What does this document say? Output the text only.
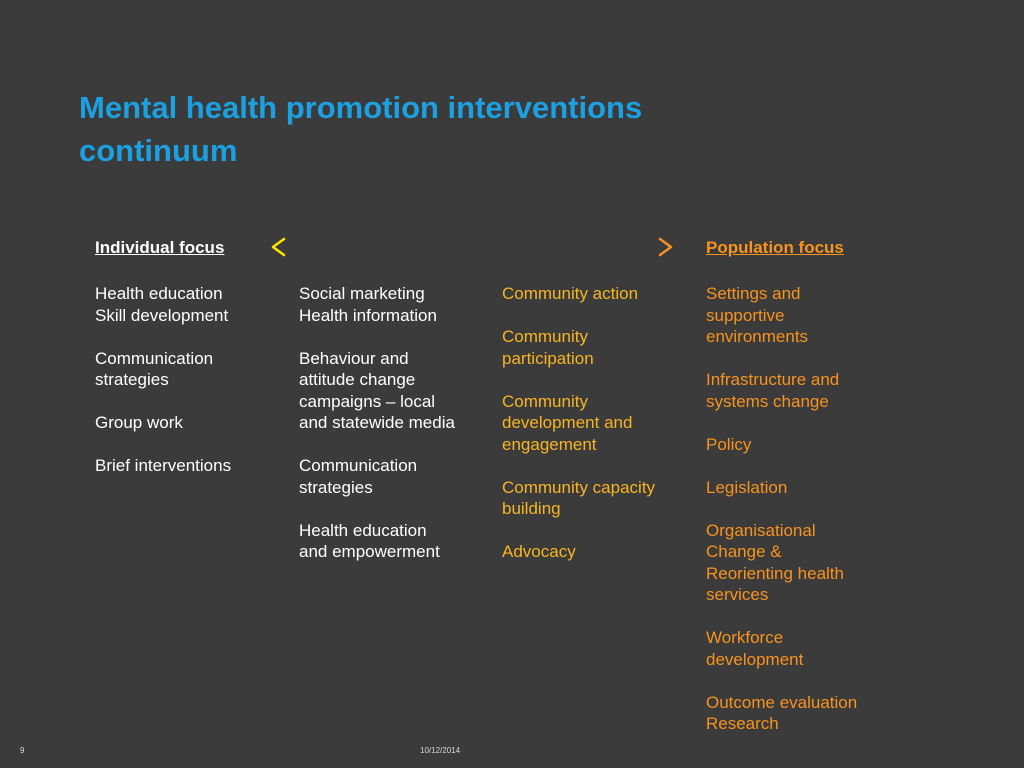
Mental health promotion interventions
continuum
Individual focus	Population focus

Health education
Skill development

Communication
strategies

Group work

Brief interventions

Social marketing
Health information

Behaviour and
attitude change
campaigns – local
and statewide media

Communication
strategies

Health education
and empowerment

Community action

Community
participation

Community
development and
engagement

Community capacity
building

Advocacy

Settings and
supportive
environments

Infrastructure and
systems change

Policy

Legislation

Organisational
Change &
Reorienting health
services

Workforce
development

Outcome evaluation
Research

9	10/12/2014
